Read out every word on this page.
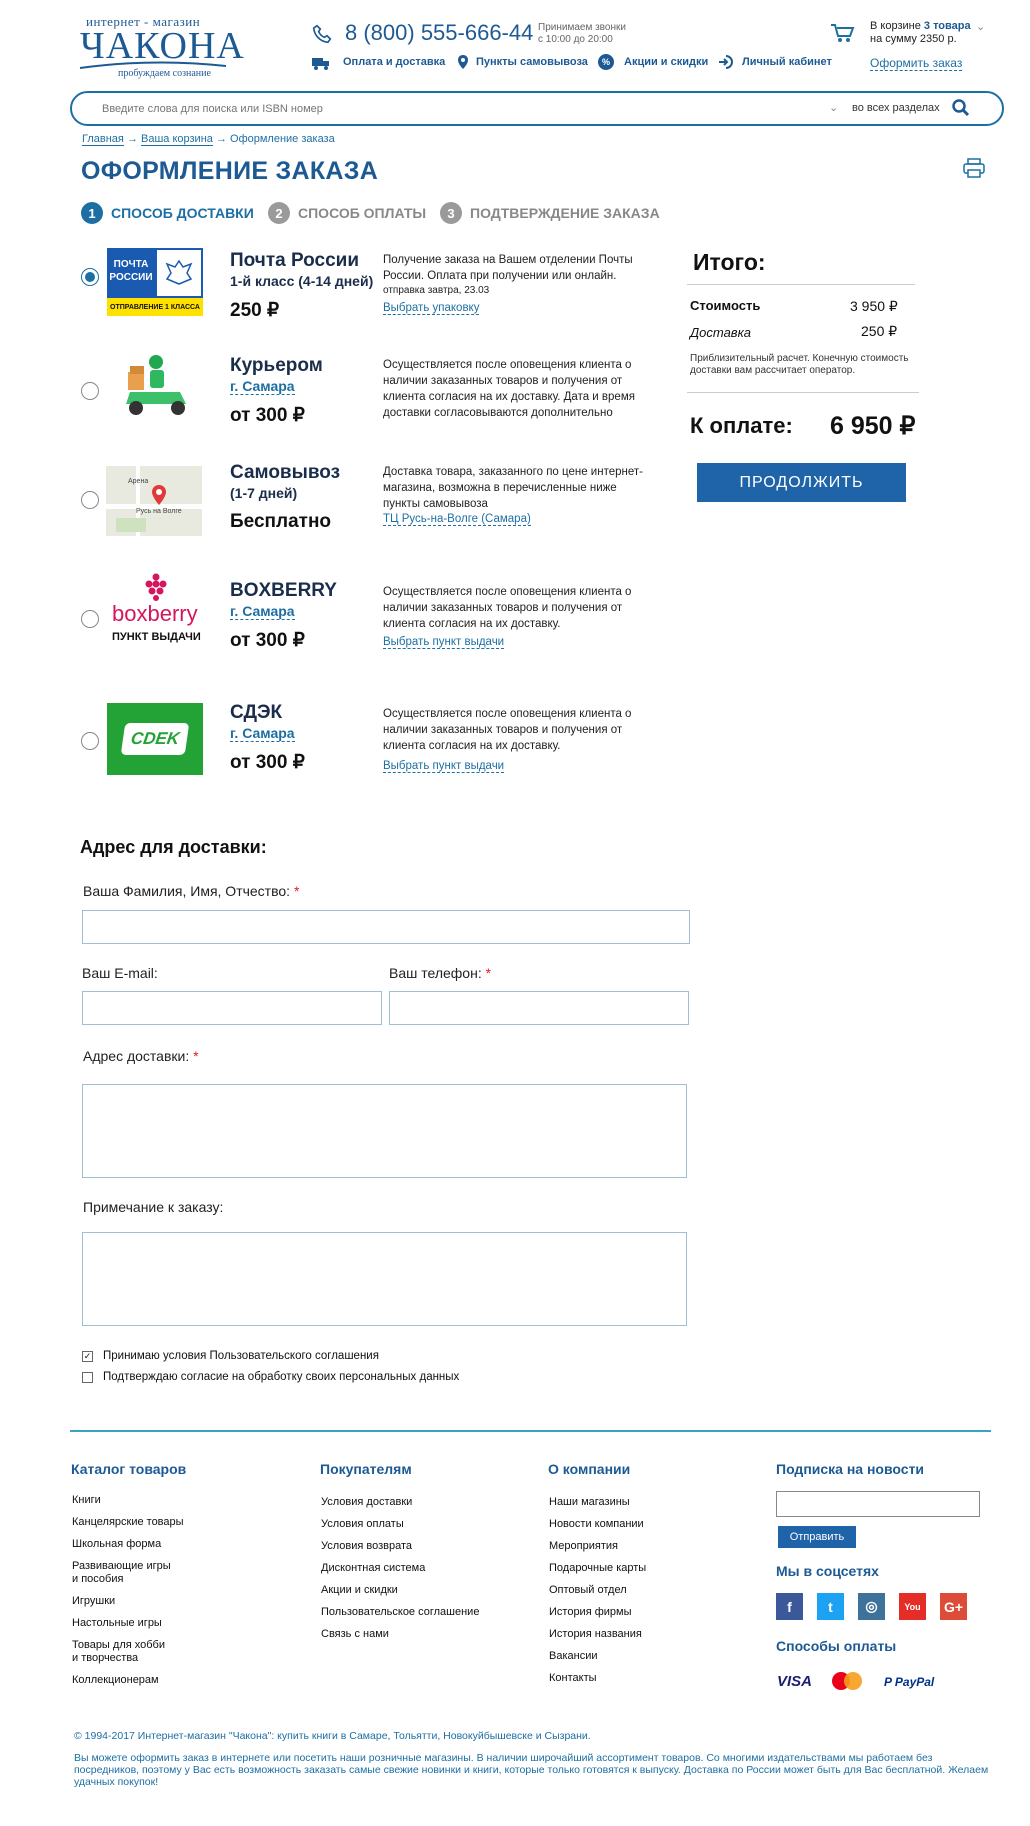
интернет - магазин
ЧАКОНА
пробуждаем сознание
8 (800) 555-666-44 Принимаем звонки
с 10:00 до 20:00
Оплата и доставка	Пункты самовывоза	%	Акции и скидки	Личный кабинет
В корзине 3 товара
на сумму 2350 р.
⌄
Оформить заказ
Введите слова для поиска или ISBN номер
⌄ во всех разделах
Главная → Ваша корзина → Оформление заказа
ОФОРМЛЕНИЕ ЗАКАЗА
1	СПОСОБ ДОСТАВКИ	2	СПОСОБ ОПЛАТЫ	3	ПОДТВЕРЖДЕНИЕ ЗАКАЗА
ПОЧТА
РОССИИ
ОТПРАВЛЕНИЕ 1 КЛАССА
Почта России
1-й класс (4-14 дней)
250 ₽
Получение заказа на Вашем отделении Почты России. Оплата при получении или онлайн.
отправка завтра, 23.03
Выбрать упаковку
Курьером
г. Самара
от 300 ₽
Осуществляется после оповещения клиента о наличии заказанных товаров и получения от клиента согласия на их доставку. Дата и время доставки согласовываются дополнительно
Арена
Русь на Волге
Самовывоз
(1-7 дней)
Бесплатно
Доставка товара, заказанного по цене интернет-магазина, возможна в перечисленные ниже пункты самовывоза
ТЦ Русь-на-Волге (Самара)
boxberry
ПУНКТ ВЫДАЧИ
BOXBERRY
г. Самара
от 300 ₽
Осуществляется после оповещения клиента о наличии заказанных товаров и получения от клиента согласия на их доставку.
Выбрать пункт выдачи
CDEK
СДЭК
г. Самара
от 300 ₽
Осуществляется после оповещения клиента о наличии заказанных товаров и получения от клиента согласия на их доставку.
Выбрать пункт выдачи
Итого:
Стоимость	3 950 ₽
Доставка	250 ₽
Приблизительный расчет. Конечную стоимость доставки вам рассчитает оператор.
К оплате: 6 950 ₽
ПРОДОЛЖИТЬ
Адрес для доставки:
Ваша Фамилия, Имя, Отчество: *
Ваш E-mail:	Ваш телефон: *
Адрес доставки: *
Примечание к заказу:
✓ Принимаю условия Пользовательского соглашения
Подтверждаю согласие на обработку своих персональных данных
Каталог товаров
Книги
Канцелярские товары
Школьная форма
Развивающие игры
и пособия
Игрушки
Настольные игры
Товары для хобби
и творчества
Коллекционерам
Покупателям
Условия доставки
Условия оплаты
Условия возврата
Дисконтная система
Акции и скидки
Пользовательское соглашение
Связь с нами
О компании
Наши магазины
Новости компании
Мероприятия
Подарочные карты
Оптовый отдел
История фирмы
История названия
Вакансии
Контакты
Подписка на новости
Отправить
Мы в соцсетях
f	t	◎	You	G+
Способы оплаты
VISA	P PayPal
© 1994-2017 Интернет-магазин "Чакона": купить книги в Самаре, Тольятти, Новокуйбышевске и Сызрани.
Вы можете оформить заказ в интернете или посетить наши розничные магазины. В наличии широчайший ассортимент товаров. Со многими издательствами мы работаем без посредников, поэтому у Вас есть возможность заказать самые свежие новинки и книги, которые только готовятся к выпуску. Доставка по России может быть для Вас бесплатной. Желаем удачных покупок!
